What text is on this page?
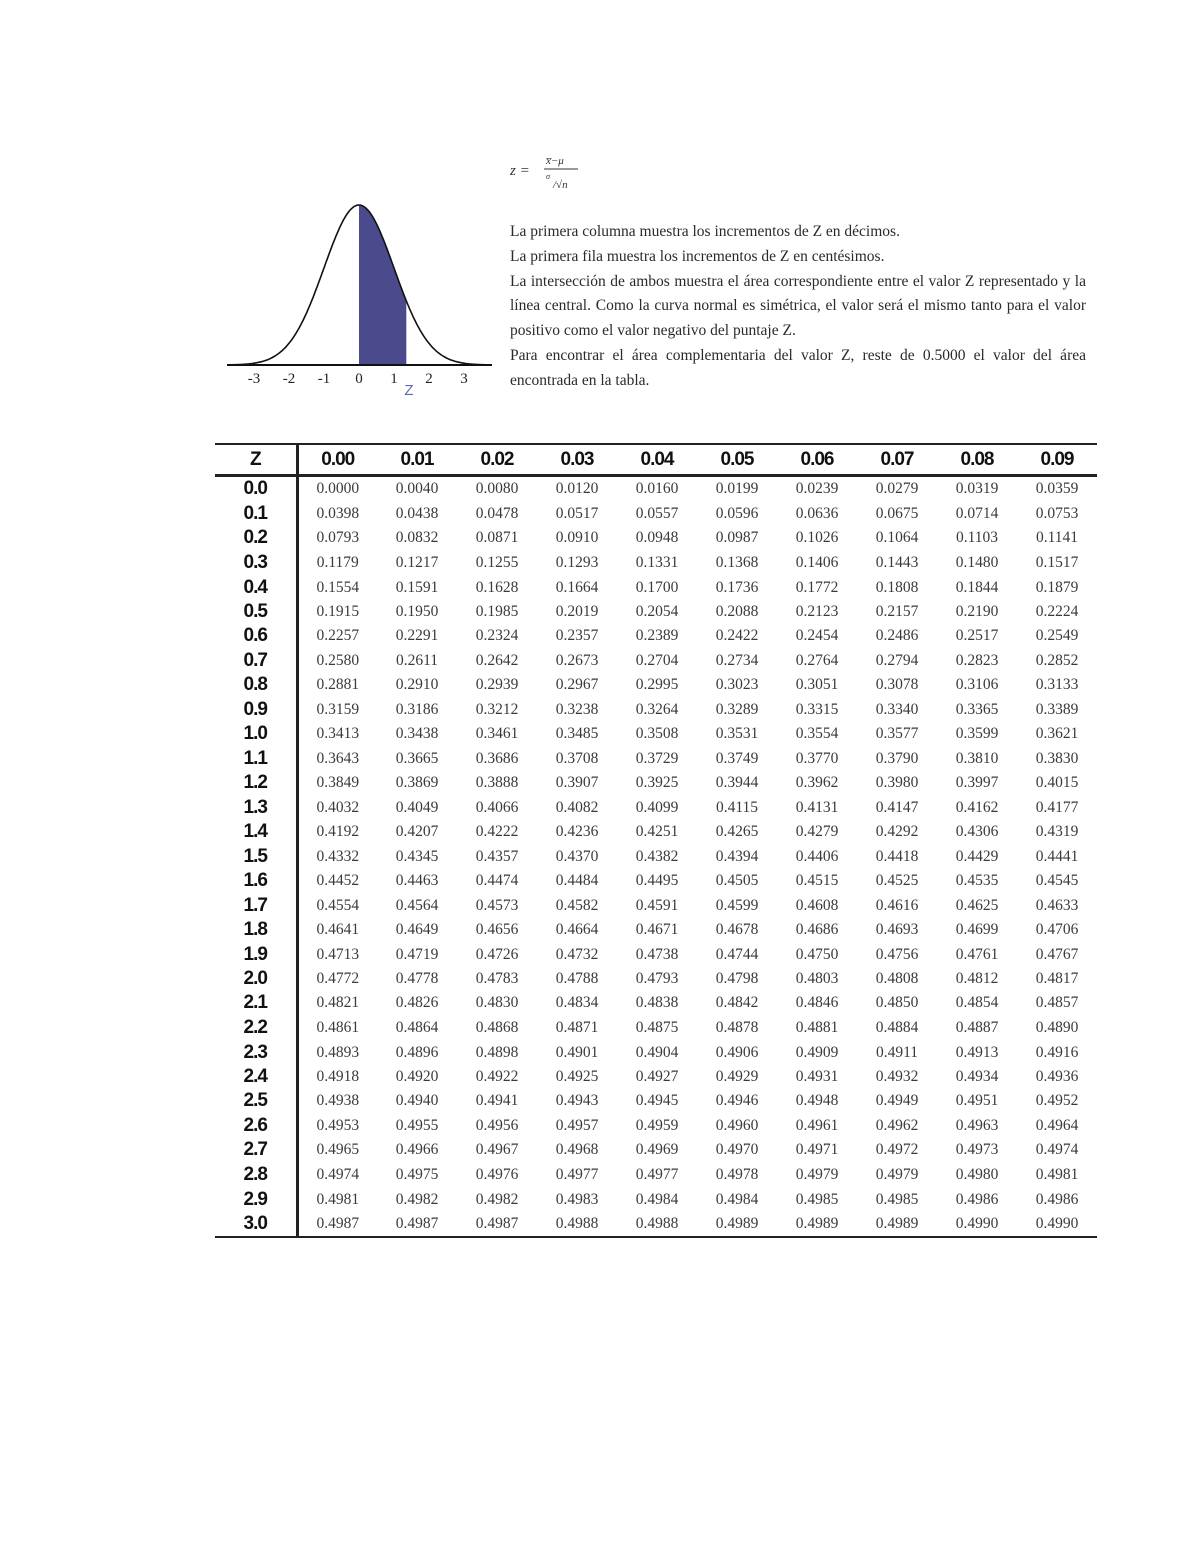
-3 -2 -1 0 1 2 3
Z
z =
x̅−μ
σ
/√n

La primera columna muestra los incrementos de Z en décimos.

La primera fila muestra los incrementos de Z en centésimos.

La intersección de ambos muestra el área correspondiente entre el valor Z representado y la línea central. Como la curva normal es simétrica, el valor será el mismo tanto para el valor positivo como el valor negativo del puntaje Z.

Para encontrar el área complementaria del valor Z, reste de 0.5000 el valor del área encontrada en la tabla.

Z	0.00	0.01	0.02	0.03	0.04	0.05	0.06	0.07	0.08	0.09
0.0	0.0000	0.0040	0.0080	0.0120	0.0160	0.0199	0.0239	0.0279	0.0319	0.0359
0.1	0.0398	0.0438	0.0478	0.0517	0.0557	0.0596	0.0636	0.0675	0.0714	0.0753
0.2	0.0793	0.0832	0.0871	0.0910	0.0948	0.0987	0.1026	0.1064	0.1103	0.1141
0.3	0.1179	0.1217	0.1255	0.1293	0.1331	0.1368	0.1406	0.1443	0.1480	0.1517
0.4	0.1554	0.1591	0.1628	0.1664	0.1700	0.1736	0.1772	0.1808	0.1844	0.1879
0.5	0.1915	0.1950	0.1985	0.2019	0.2054	0.2088	0.2123	0.2157	0.2190	0.2224
0.6	0.2257	0.2291	0.2324	0.2357	0.2389	0.2422	0.2454	0.2486	0.2517	0.2549
0.7	0.2580	0.2611	0.2642	0.2673	0.2704	0.2734	0.2764	0.2794	0.2823	0.2852
0.8	0.2881	0.2910	0.2939	0.2967	0.2995	0.3023	0.3051	0.3078	0.3106	0.3133
0.9	0.3159	0.3186	0.3212	0.3238	0.3264	0.3289	0.3315	0.3340	0.3365	0.3389
1.0	0.3413	0.3438	0.3461	0.3485	0.3508	0.3531	0.3554	0.3577	0.3599	0.3621
1.1	0.3643	0.3665	0.3686	0.3708	0.3729	0.3749	0.3770	0.3790	0.3810	0.3830
1.2	0.3849	0.3869	0.3888	0.3907	0.3925	0.3944	0.3962	0.3980	0.3997	0.4015
1.3	0.4032	0.4049	0.4066	0.4082	0.4099	0.4115	0.4131	0.4147	0.4162	0.4177
1.4	0.4192	0.4207	0.4222	0.4236	0.4251	0.4265	0.4279	0.4292	0.4306	0.4319
1.5	0.4332	0.4345	0.4357	0.4370	0.4382	0.4394	0.4406	0.4418	0.4429	0.4441
1.6	0.4452	0.4463	0.4474	0.4484	0.4495	0.4505	0.4515	0.4525	0.4535	0.4545
1.7	0.4554	0.4564	0.4573	0.4582	0.4591	0.4599	0.4608	0.4616	0.4625	0.4633
1.8	0.4641	0.4649	0.4656	0.4664	0.4671	0.4678	0.4686	0.4693	0.4699	0.4706
1.9	0.4713	0.4719	0.4726	0.4732	0.4738	0.4744	0.4750	0.4756	0.4761	0.4767
2.0	0.4772	0.4778	0.4783	0.4788	0.4793	0.4798	0.4803	0.4808	0.4812	0.4817
2.1	0.4821	0.4826	0.4830	0.4834	0.4838	0.4842	0.4846	0.4850	0.4854	0.4857
2.2	0.4861	0.4864	0.4868	0.4871	0.4875	0.4878	0.4881	0.4884	0.4887	0.4890
2.3	0.4893	0.4896	0.4898	0.4901	0.4904	0.4906	0.4909	0.4911	0.4913	0.4916
2.4	0.4918	0.4920	0.4922	0.4925	0.4927	0.4929	0.4931	0.4932	0.4934	0.4936
2.5	0.4938	0.4940	0.4941	0.4943	0.4945	0.4946	0.4948	0.4949	0.4951	0.4952
2.6	0.4953	0.4955	0.4956	0.4957	0.4959	0.4960	0.4961	0.4962	0.4963	0.4964
2.7	0.4965	0.4966	0.4967	0.4968	0.4969	0.4970	0.4971	0.4972	0.4973	0.4974
2.8	0.4974	0.4975	0.4976	0.4977	0.4977	0.4978	0.4979	0.4979	0.4980	0.4981
2.9	0.4981	0.4982	0.4982	0.4983	0.4984	0.4984	0.4985	0.4985	0.4986	0.4986
3.0	0.4987	0.4987	0.4987	0.4988	0.4988	0.4989	0.4989	0.4989	0.4990	0.4990
